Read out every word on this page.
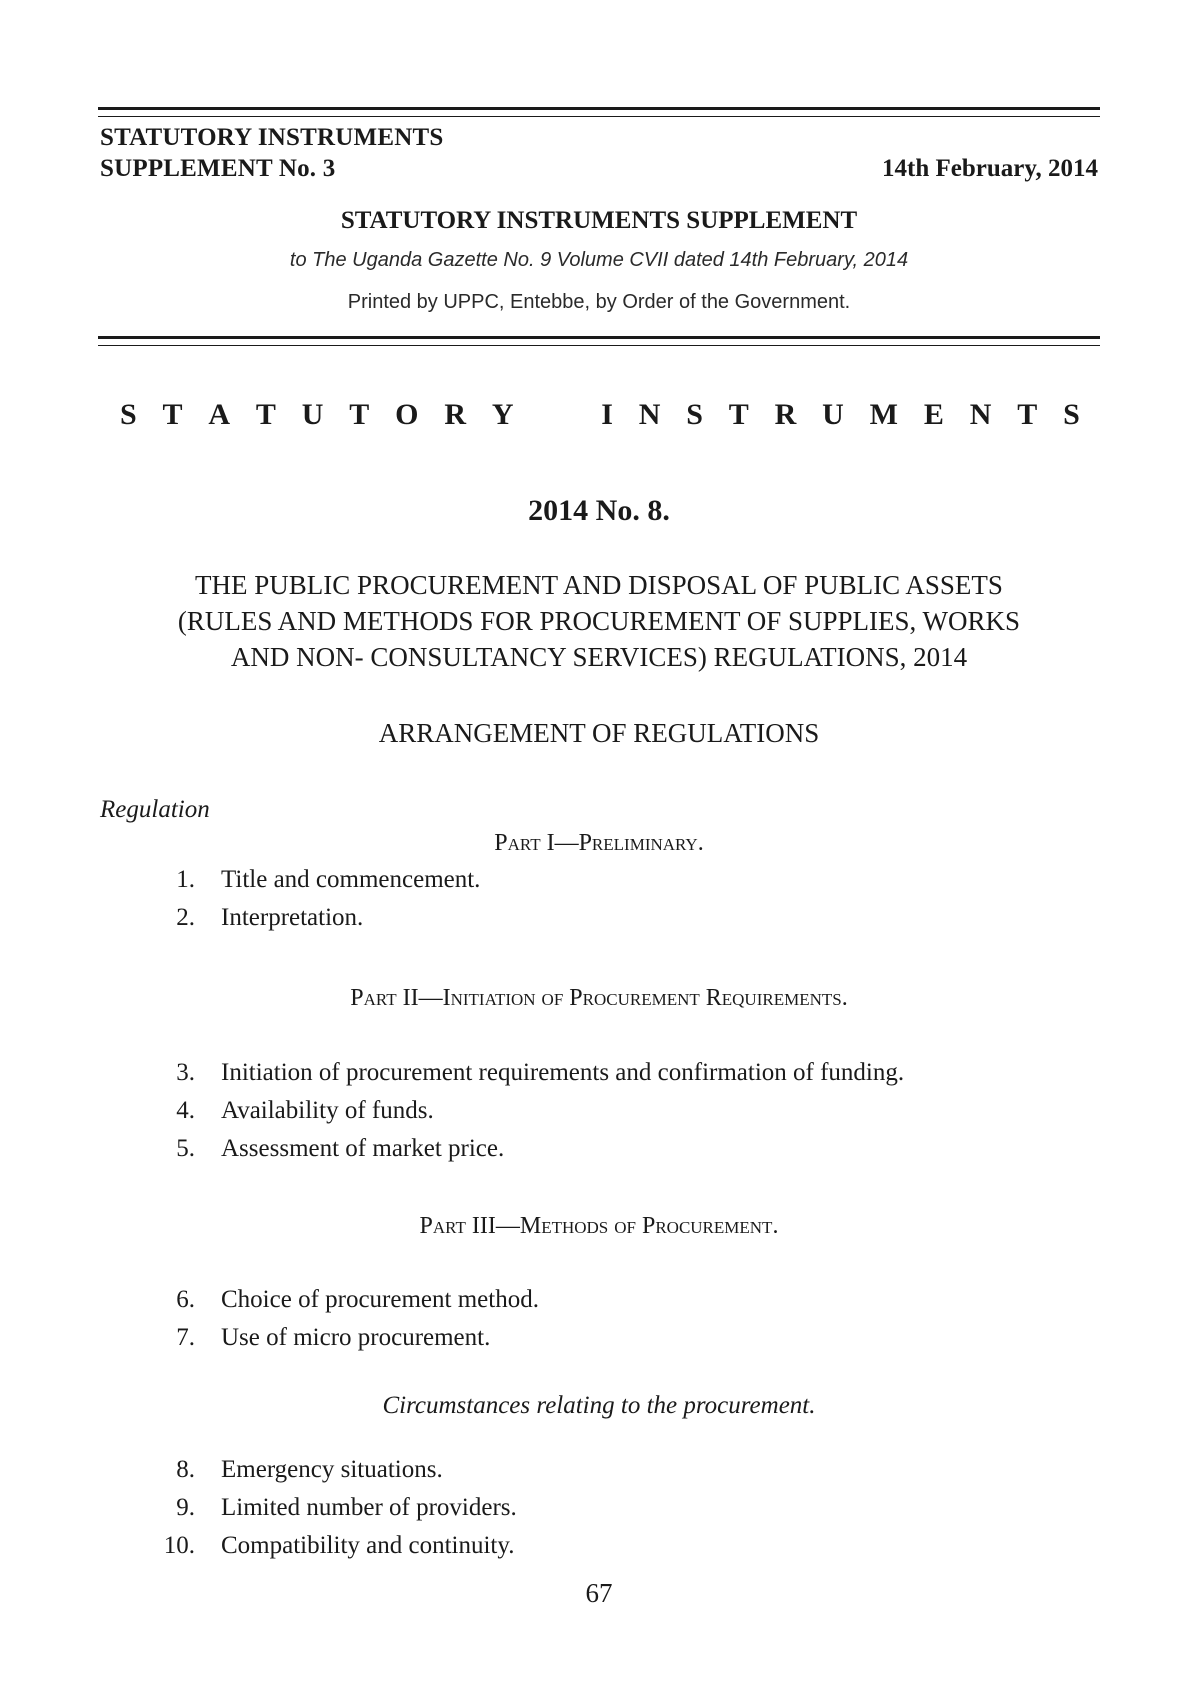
STATUTORY INSTRUMENTS
SUPPLEMENT No. 3	14th February, 2014
STATUTORY INSTRUMENTS SUPPLEMENT
to The Uganda Gazette No. 9 Volume CVII dated 14th February, 2014
Printed by UPPC, Entebbe, by Order of the Government.
S T A T U T O R Y	I N S T R U M E N T S
2014 No. 8.
THE PUBLIC PROCUREMENT AND DISPOSAL OF PUBLIC ASSETS
(RULES AND METHODS FOR PROCUREMENT OF SUPPLIES, WORKS
AND NON- CONSULTANCY SERVICES) REGULATIONS, 2014
ARRANGEMENT OF REGULATIONS
Regulation
Part I—Preliminary.
1. Title and commencement.
2. Interpretation.
Part II—Initiation of Procurement Requirements.
3. Initiation of procurement requirements and confirmation of funding.
4. Availability of funds.
5. Assessment of market price.
Part III—Methods of Procurement.
6. Choice of procurement method.
7. Use of micro procurement.
Circumstances relating to the procurement.
8. Emergency situations.
9. Limited number of providers.
10. Compatibility and continuity.
67
